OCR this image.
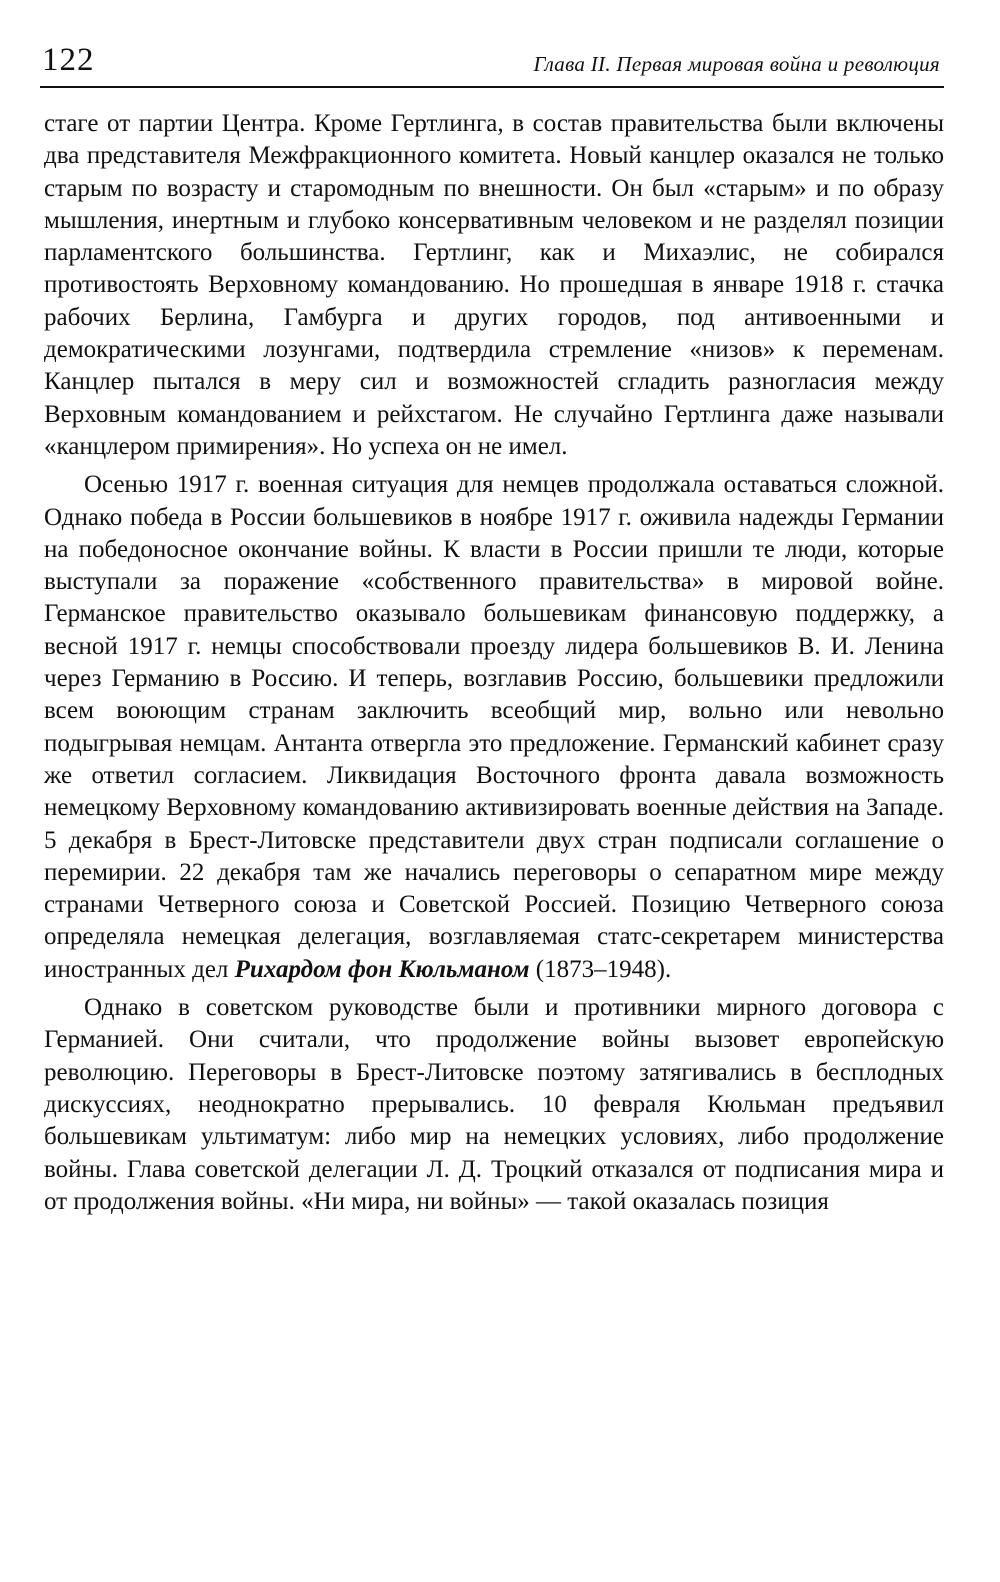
122	Глава II. Первая мировая война и революция

стаге от партии Центра. Кроме Гертлинга, в состав правительства были включены два представителя Межфракционного комитета. Новый канцлер оказался не только старым по возрасту и старомодным по внешности. Он был «старым» и по образу мышления, инертным и глубоко консервативным человеком и не разделял позиции парламентского большинства. Гертлинг, как и Михаэлис, не собирался противостоять Верховному командованию. Но прошедшая в январе 1918 г. стачка рабочих Берлина, Гамбурга и других городов, под антивоенными и демократическими лозунгами, подтвердила стремление «низов» к переменам. Канцлер пытался в меру сил и возможностей сгладить разногласия между Верховным командованием и рейхстагом. Не случайно Гертлинга даже называли «канцлером примирения». Но успеха он не имел.

Осенью 1917 г. военная ситуация для немцев продолжала оставаться сложной. Однако победа в России большевиков в ноябре 1917 г. оживила надежды Германии на победоносное окончание войны. К власти в России пришли те люди, которые выступали за поражение «собственного правительства» в мировой войне. Германское правительство оказывало большевикам финансовую поддержку, а весной 1917 г. немцы способствовали проезду лидера большевиков В. И. Ленина через Германию в Россию. И теперь, возглавив Россию, большевики предложили всем воюющим странам заключить всеобщий мир, вольно или невольно подыгрывая немцам. Антанта отвергла это предложение. Германский кабинет сразу же ответил согласием. Ликвидация Восточного фронта давала возможность немецкому Верховному командованию активизировать военные действия на Западе. 5 декабря в Брест-Литовске представители двух стран подписали соглашение о перемирии. 22 декабря там же начались переговоры о сепаратном мире между странами Четверного союза и Советской Россией. Позицию Четверного союза определяла немецкая делегация, возглавляемая статс-секретарем министерства иностранных дел Рихардом фон Кюльманом (1873–1948).

Однако в советском руководстве были и противники мирного договора с Германией. Они считали, что продолжение войны вызовет европейскую революцию. Переговоры в Брест-Литовске поэтому затягивались в бесплодных дискуссиях, неоднократно прерывались. 10 февраля Кюльман предъявил большевикам ультиматум: либо мир на немецких условиях, либо продолжение войны. Глава советской делегации Л. Д. Троцкий отказался от подписания мира и от продолжения войны. «Ни мира, ни войны» — такой оказалась позиция
